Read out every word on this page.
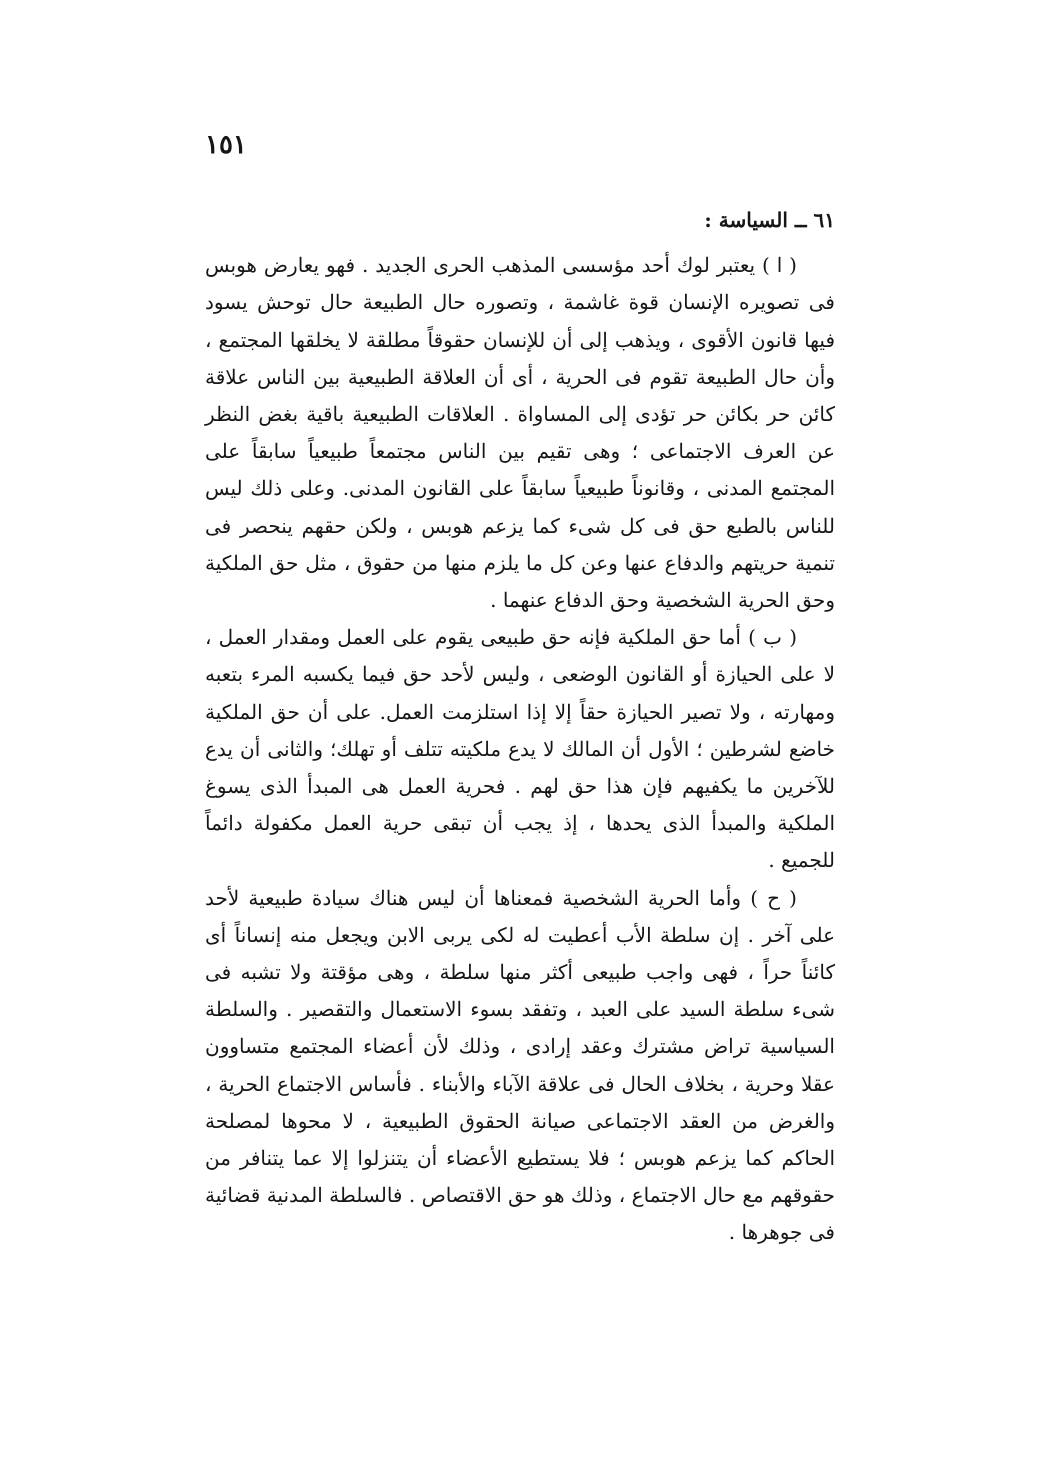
١٥١
٦١ ــ السياسة :

( ا ) يعتبر لوك أحد مؤسسى المذهب الحرى الجديد . فهو يعارض هوبس فى تصويره الإنسان قوة غاشمة ، وتصوره حال الطبيعة حال توحش يسود فيها قانون الأقوى ، ويذهب إلى أن للإنسان حقوقاً مطلقة لا يخلقها المجتمع ، وأن حال الطبيعة تقوم فى الحرية ، أى أن العلاقة الطبيعية بين الناس علاقة كائن حر بكائن حر تؤدى إلى المساواة . العلاقات الطبيعية باقية بغض النظر عن العرف الاجتماعى ؛ وهى تقيم بين الناس مجتمعاً طبيعياً سابقاً على المجتمع المدنى ، وقانوناً طبيعياً سابقاً على القانون المدنى. وعلى ذلك ليس للناس بالطبع حق فى كل شىء كما يزعم هوبس ، ولكن حقهم ينحصر فى تنمية حريتهم والدفاع عنها وعن كل ما يلزم منها من حقوق ، مثل حق الملكية وحق الحرية الشخصية وحق الدفاع عنهما .

( ب ) أما حق الملكية فإنه حق طبيعى يقوم على العمل ومقدار العمل ، لا على الحيازة أو القانون الوضعى ، وليس لأحد حق فيما يكسبه المرء بتعبه ومهارته ، ولا تصير الحيازة حقاً إلا إذا استلزمت العمل. على أن حق الملكية خاضع لشرطين ؛ الأول أن المالك لا يدع ملكيته تتلف أو تهلك؛ والثانى أن يدع للآخرين ما يكفيهم فإن هذا حق لهم . فحرية العمل هى المبدأ الذى يسوغ الملكية والمبدأ الذى يحدها ، إذ يجب أن تبقى حرية العمل مكفولة دائماً للجميع .

( ح ) وأما الحرية الشخصية فمعناها أن ليس هناك سيادة طبيعية لأحد على آخر . إن سلطة الأب أعطيت له لكى يربى الابن ويجعل منه إنساناً أى كائناً حراً ، فهى واجب طبيعى أكثر منها سلطة ، وهى مؤقتة ولا تشبه فى شىء سلطة السيد على العبد ، وتفقد بسوء الاستعمال والتقصير . والسلطة السياسية تراض مشترك وعقد إرادى ، وذلك لأن أعضاء المجتمع متساوون عقلا وحرية ، بخلاف الحال فى علاقة الآباء والأبناء . فأساس الاجتماع الحرية ، والغرض من العقد الاجتماعى صيانة الحقوق الطبيعية ، لا محوها لمصلحة الحاكم كما يزعم هوبس ؛ فلا يستطيع الأعضاء أن يتنزلوا إلا عما يتنافر من حقوقهم مع حال الاجتماع ، وذلك هو حق الاقتصاص . فالسلطة المدنية قضائية فى جوهرها .
